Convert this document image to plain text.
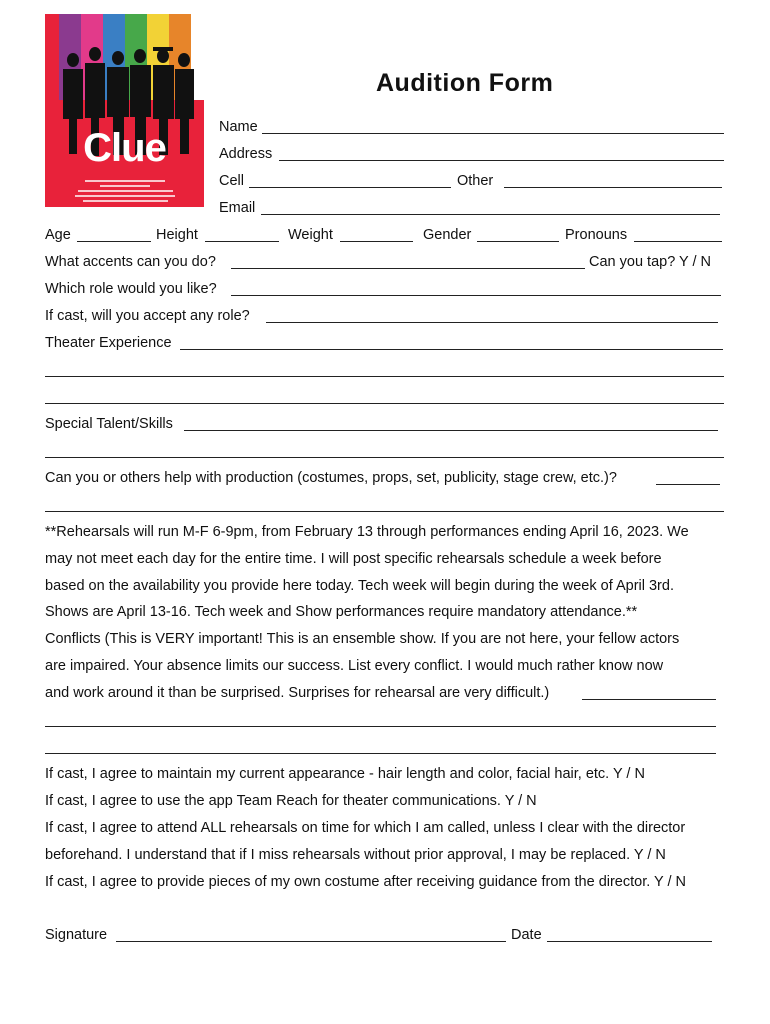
Clue
Audition Form
Name
Address
Cell	Other
Email
Age	Height	Weight	Gender	Pronouns
What accents can you do?	Can you tap? Y / N
Which role would you like?
If cast, will you accept any role?
Theater Experience
Special Talent/Skills
Can you or others help with production (costumes, props, set, publicity, stage crew, etc.)?
**Rehearsals will run M-F 6-9pm, from February 13 through performances ending April 16, 2023. We
may not meet each day for the entire time. I will post specific rehearsals schedule a week before
based on the availability you provide here today. Tech week will begin during the week of April 3rd.
Shows are April 13-16. Tech week and Show performances require mandatory attendance.**
Conflicts (This is VERY important! This is an ensemble show. If you are not here, your fellow actors
are impaired. Your absence limits our success. List every conflict. I would much rather know now
and work around it than be surprised. Surprises for rehearsal are very difficult.)
If cast, I agree to maintain my current appearance - hair length and color, facial hair, etc. Y / N
If cast, I agree to use the app Team Reach for theater communications. Y / N
If cast, I agree to attend ALL rehearsals on time for which I am called, unless I clear with the director
beforehand. I understand that if I miss rehearsals without prior approval, I may be replaced. Y / N
If cast, I agree to provide pieces of my own costume after receiving guidance from the director. Y / N
Signature	Date
